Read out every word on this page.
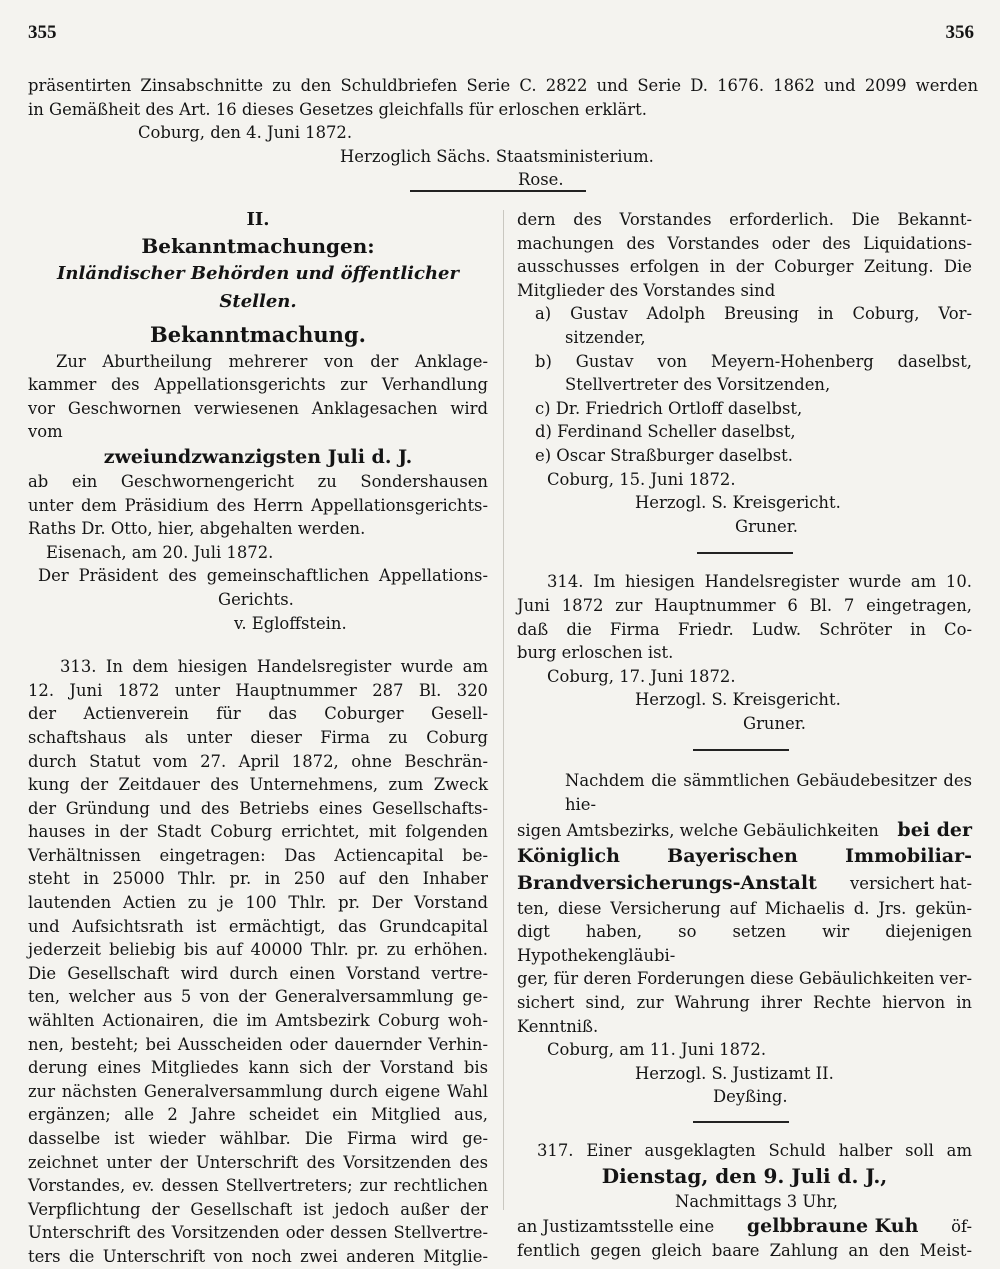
355	356
präsentirten Zinsabschnitte zu den Schuldbriefen Serie C. 2822 und Serie D. 1676. 1862 und 2099 werden
in Gemäßheit des Art. 16 dieses Gesetzes gleichfalls für erloschen erklärt.
Coburg, den 4. Juni 1872.
Herzoglich Sächs. Staatsministerium.
Rose.
II.
Bekanntmachungen:
Inländischer Behörden und öffentlicher Stellen.
Bekanntmachung.
Zur Aburtheilung mehrerer von der Anklage-
kammer des Appellationsgerichts zur Verhandlung
vor Geschwornen verwiesenen Anklagesachen wird vom
zweiundzwanzigsten Juli d. J.
ab ein Geschwornengericht zu Sondershausen
unter dem Präsidium des Herrn Appellationsgerichts-
Raths Dr. Otto, hier, abgehalten werden.
Eisenach, am 20. Juli 1872.
Der Präsident des gemeinschaftlichen Appellations-
Gerichts.
v. Egloffstein.
313. In dem hiesigen Handelsregister wurde am
12. Juni 1872 unter Hauptnummer 287 Bl. 320
der Actienverein für das Coburger Gesell-
schaftshaus als unter dieser Firma zu Coburg
durch Statut vom 27. April 1872, ohne Beschrän-
kung der Zeitdauer des Unternehmens, zum Zweck
der Gründung und des Betriebs eines Gesellschafts-
hauses in der Stadt Coburg errichtet, mit folgenden
Verhältnissen eingetragen: Das Actiencapital be-
steht in 25000 Thlr. pr. in 250 auf den Inhaber
lautenden Actien zu je 100 Thlr. pr. Der Vorstand
und Aufsichtsrath ist ermächtigt, das Grundcapital
jederzeit beliebig bis auf 40000 Thlr. pr. zu erhöhen.
Die Gesellschaft wird durch einen Vorstand vertre-
ten, welcher aus 5 von der Generalversammlung ge-
wählten Actionairen, die im Amtsbezirk Coburg woh-
nen, besteht; bei Ausscheiden oder dauernder Verhin-
derung eines Mitgliedes kann sich der Vorstand bis
zur nächsten Generalversammlung durch eigene Wahl
ergänzen; alle 2 Jahre scheidet ein Mitglied aus,
dasselbe ist wieder wählbar. Die Firma wird ge-
zeichnet unter der Unterschrift des Vorsitzenden des
Vorstandes, ev. dessen Stellvertreters; zur rechtlichen
Verpflichtung der Gesellschaft ist jedoch außer der
Unterschrift des Vorsitzenden oder dessen Stellvertre-
ters die Unterschrift von noch zwei anderen Mitglie-
dern des Vorstandes erforderlich. Die Bekannt-
machungen des Vorstandes oder des Liquidations-
ausschusses erfolgen in der Coburger Zeitung. Die
Mitglieder des Vorstandes sind
a) Gustav Adolph Breusing in Coburg, Vor-
sitzender,
b) Gustav von Meyern-Hohenberg daselbst,
Stellvertreter des Vorsitzenden,
c) Dr. Friedrich Ortloff daselbst,
d) Ferdinand Scheller daselbst,
e) Oscar Straßburger daselbst.
Coburg, 15. Juni 1872.
Herzogl. S. Kreisgericht.
Gruner.
314. Im hiesigen Handelsregister wurde am 10.
Juni 1872 zur Hauptnummer 6 Bl. 7 eingetragen,
daß die Firma Friedr. Ludw. Schröter in Co-
burg erloschen ist.
Coburg, 17. Juni 1872.
Herzogl. S. Kreisgericht.
Gruner.
Nachdem die sämmtlichen Gebäudebesitzer des hie-
sigen Amtsbezirks, welche Gebäulichkeiten bei der
Königlich Bayerischen Immobiliar-
Brandversicherungs-Anstalt versichert hat-
ten, diese Versicherung auf Michaelis d. Jrs. gekün-
digt haben, so setzen wir diejenigen Hypothekengläubi-
ger, für deren Forderungen diese Gebäulichkeiten ver-
sichert sind, zur Wahrung ihrer Rechte hiervon in
Kenntniß.
Coburg, am 11. Juni 1872.
Herzogl. S. Justizamt II.
Deyßing.
317. Einer ausgeklagten Schuld halber soll am
Dienstag, den 9. Juli d. J.,
Nachmittags 3 Uhr,
an Justizamtsstelle eine gelbbraune Kuh öf-
fentlich gegen gleich baare Zahlung an den Meist-
